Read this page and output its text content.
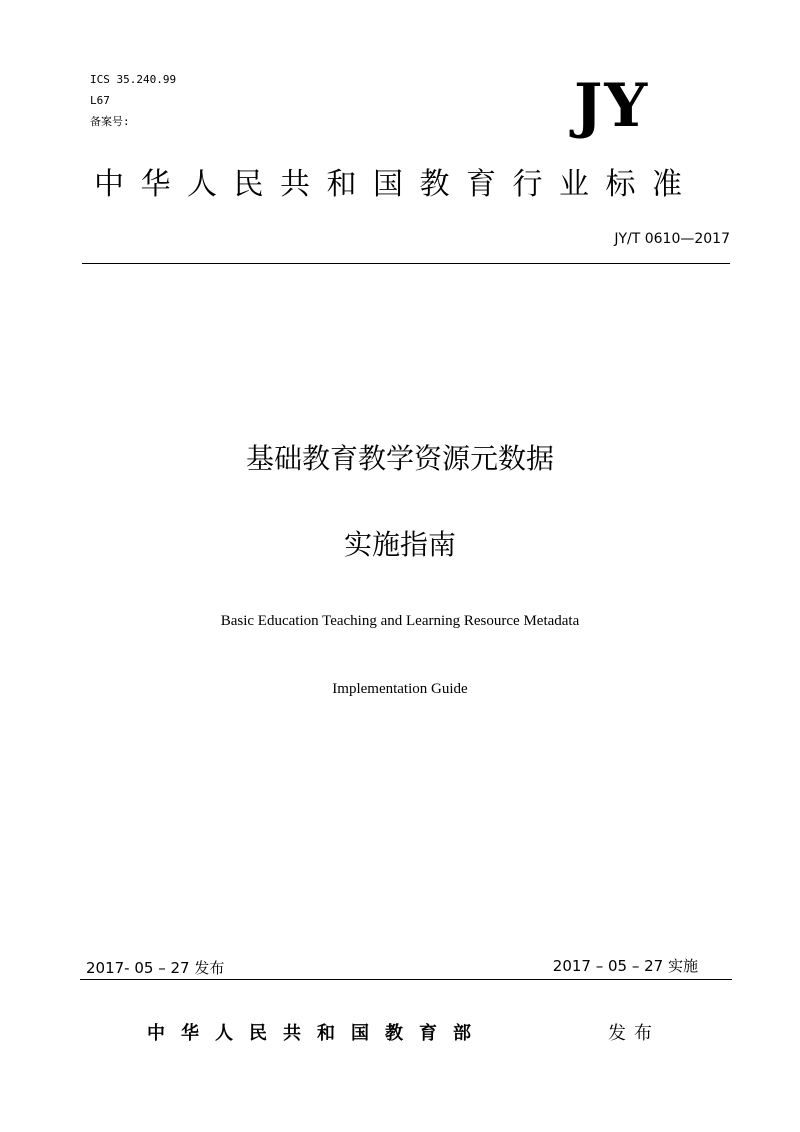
ICS 35.240.99
L67
备案号:	JY
中华人民共和国教育行业标准
JY/T 0610—2017
基础教育教学资源元数据
实施指南
Basic Education Teaching and Learning Resource Metadata
Implementation Guide
2017- 05 – 27 发布	2017 – 05 – 27 实施
中华人民共和国教育部	发布
